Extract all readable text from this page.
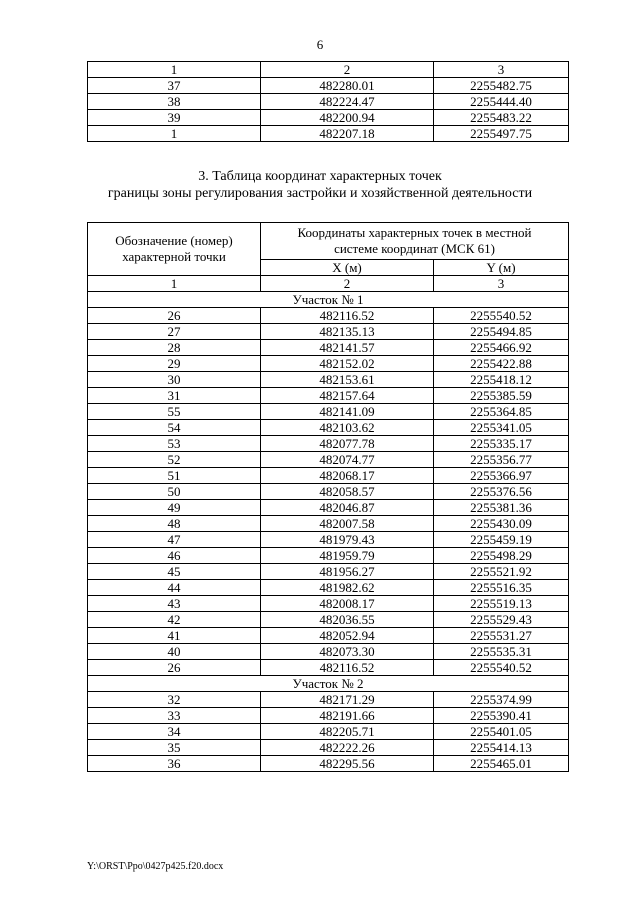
6
1	2	3
37	482280.01	2255482.75
38	482224.47	2255444.40
39	482200.94	2255483.22
1	482207.18	2255497.75
3. Таблица координат характерных точек
границы зоны регулирования застройки и хозяйственной деятельности
Обозначение (номер) характерной точки	Координаты характерных точек в местной системе координат (МСК 61)	
	X (м)	Y (м)
1	2	3
Участок № 1		
26	482116.52	2255540.52
27	482135.13	2255494.85
28	482141.57	2255466.92
29	482152.02	2255422.88
30	482153.61	2255418.12
31	482157.64	2255385.59
55	482141.09	2255364.85
54	482103.62	2255341.05
53	482077.78	2255335.17
52	482074.77	2255356.77
51	482068.17	2255366.97
50	482058.57	2255376.56
49	482046.87	2255381.36
48	482007.58	2255430.09
47	481979.43	2255459.19
46	481959.79	2255498.29
45	481956.27	2255521.92
44	481982.62	2255516.35
43	482008.17	2255519.13
42	482036.55	2255529.43
41	482052.94	2255531.27
40	482073.30	2255535.31
26	482116.52	2255540.52
Участок № 2		
32	482171.29	2255374.99
33	482191.66	2255390.41
34	482205.71	2255401.05
35	482222.26	2255414.13
36	482295.56	2255465.01
Y:\ORST\Ppo\0427p425.f20.docx
